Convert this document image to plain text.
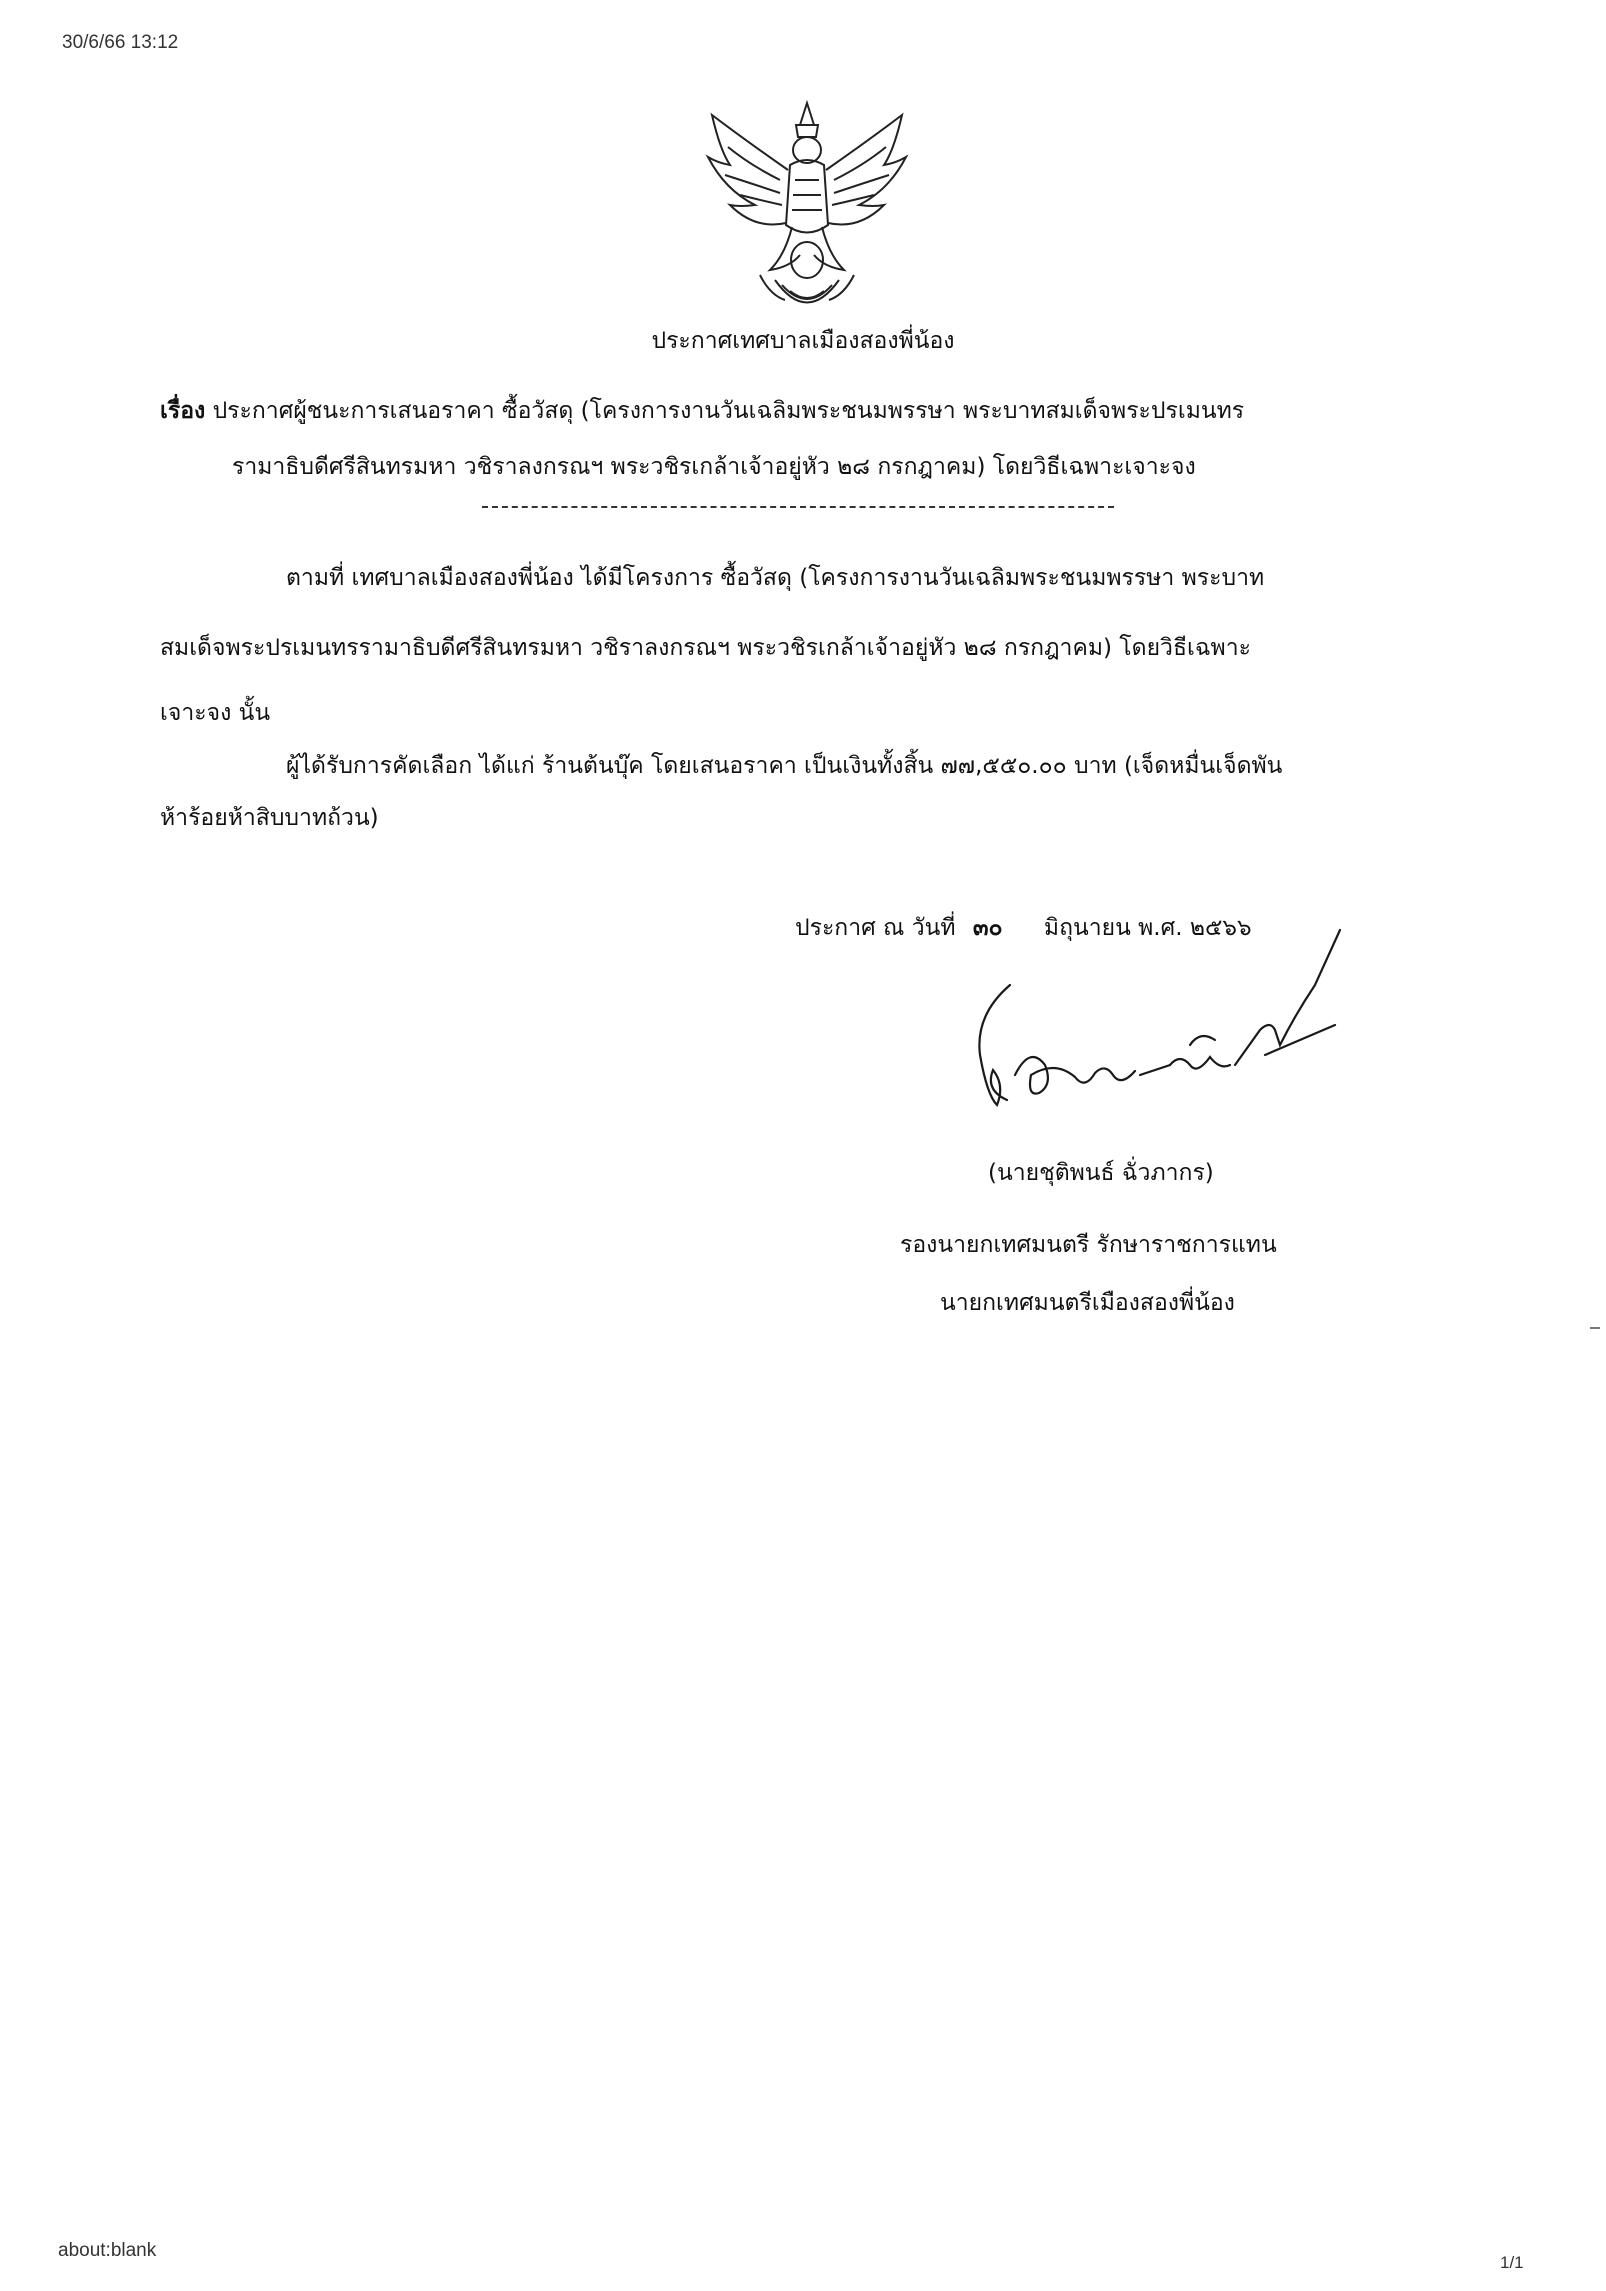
30/6/66 13:12
ประกาศเทศบาลเมืองสองพี่น้อง
เรื่อง ประกาศผู้ชนะการเสนอราคา ซื้อวัสดุ (โครงการงานวันเฉลิมพระชนมพรรษา พระบาทสมเด็จพระปรเมนทร
รามาธิบดีศรีสินทรมหา วชิราลงกรณฯ พระวชิรเกล้าเจ้าอยู่หัว ๒๘ กรกฎาคม) โดยวิธีเฉพาะเจาะจง
ตามที่ เทศบาลเมืองสองพี่น้อง ได้มีโครงการ ซื้อวัสดุ (โครงการงานวันเฉลิมพระชนมพรรษา พระบาท
สมเด็จพระปรเมนทรรามาธิบดีศรีสินทรมหา วชิราลงกรณฯ พระวชิรเกล้าเจ้าอยู่หัว ๒๘ กรกฎาคม) โดยวิธีเฉพาะ
เจาะจง นั้น
ผู้ได้รับการคัดเลือก ได้แก่ ร้านต้นบุ๊ค โดยเสนอราคา เป็นเงินทั้งสิ้น ๗๗,๕๕๐.๐๐ บาท (เจ็ดหมื่นเจ็ดพัน
ห้าร้อยห้าสิบบาทถ้วน)
ประกาศ ณ วันที่ ๓๐ มิถุนายน พ.ศ. ๒๕๖๖
(นายชุติพนธ์ ฉั่วภากร)
รองนายกเทศมนตรี รักษาราชการแทน
นายกเทศมนตรีเมืองสองพี่น้อง
about:blank
1/1
